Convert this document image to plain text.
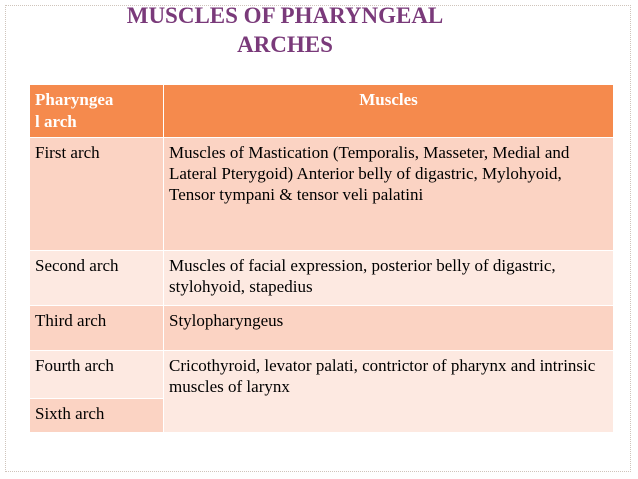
MUSCLES OF PHARYNGEAL
ARCHES
Pharyngea
l arch	Muscles
First arch	Muscles of Mastication (Temporalis, Masseter, Medial and Lateral Pterygoid) Anterior belly of digastric, Mylohyoid, Tensor tympani & tensor veli palatini
Second arch	Muscles of facial expression, posterior belly of digastric, stylohyoid, stapedius
Third arch	Stylopharyngeus
Fourth arch	Cricothyroid, levator palati, contrictor of pharynx and intrinsic muscles of larynx
Sixth arch	
